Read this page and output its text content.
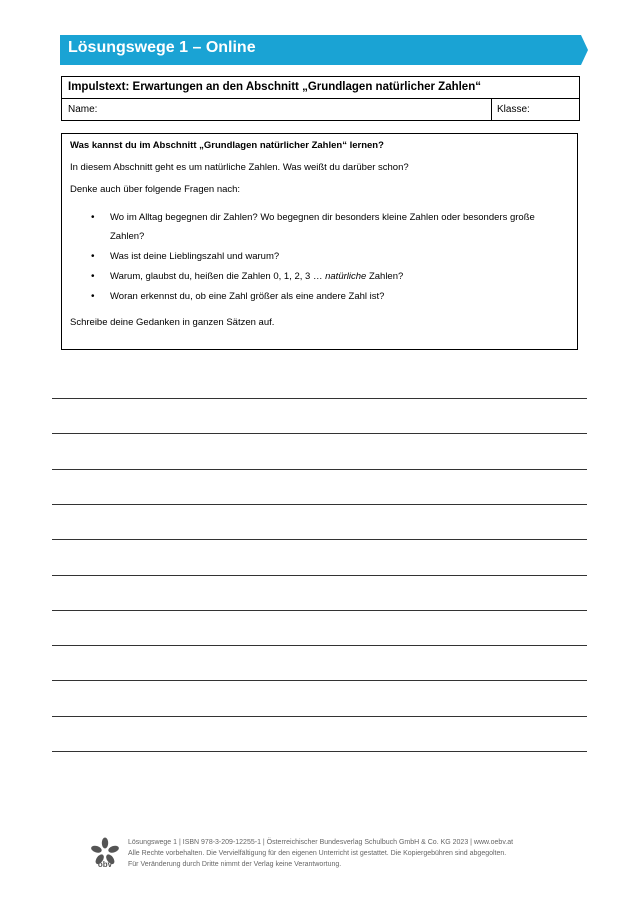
Lösungswege 1 – Online
Impulstext: Erwartungen an den Abschnitt „Grundlagen natürlicher Zahlen“
Name:	Klasse:
Was kannst du im Abschnitt „Grundlagen natürlicher Zahlen“ lernen?
In diesem Abschnitt geht es um natürliche Zahlen. Was weißt du darüber schon?
Denke auch über folgende Fragen nach:
• Wo im Alltag begegnen dir Zahlen? Wo begegnen dir besonders kleine Zahlen oder besonders große
Zahlen?
• Was ist deine Lieblingszahl und warum?
• Warum, glaubst du, heißen die Zahlen 0, 1, 2, 3 … natürliche Zahlen?
• Woran erkennst du, ob eine Zahl größer als eine andere Zahl ist?
Schreibe deine Gedanken in ganzen Sätzen auf.
öbv
Lösungswege 1 | ISBN 978-3-209-12255-1 | Österreichischer Bundesverlag Schulbuch GmbH & Co. KG 2023 | www.oebv.at
Alle Rechte vorbehalten. Die Vervielfältigung für den eigenen Unterricht ist gestattet. Die Kopiergebühren sind abgegolten.
Für Veränderung durch Dritte nimmt der Verlag keine Verantwortung.
